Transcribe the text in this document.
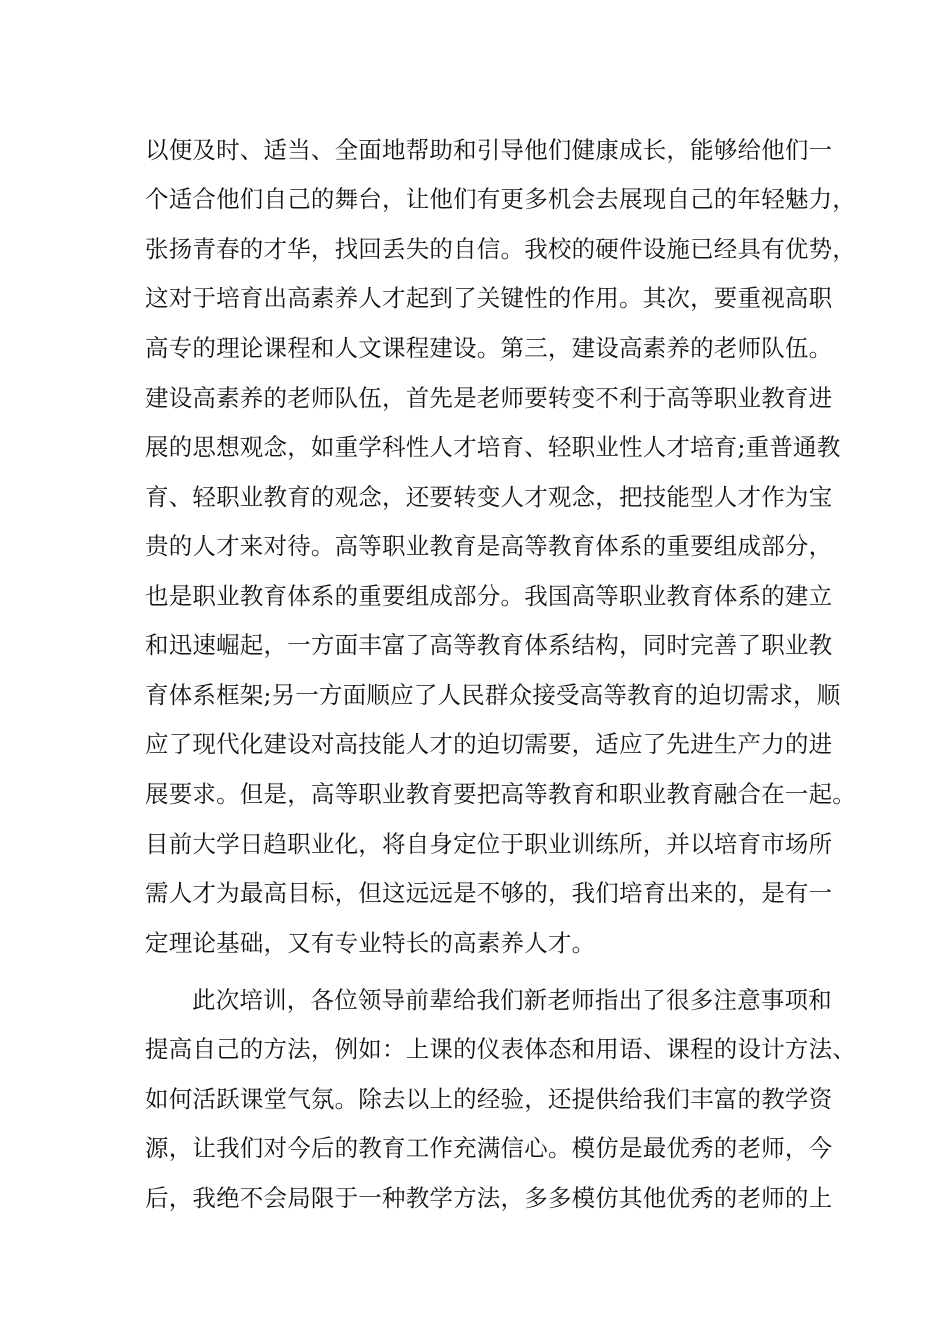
以便及时、适当、全面地帮助和引导他们健康成长，能够给他们一
个适合他们自己的舞台，让他们有更多机会去展现自己的年轻魅力，
张扬青春的才华，找回丢失的自信。我校的硬件设施已经具有优势，
这对于培育出高素养人才起到了关键性的作用。其次，要重视高职
高专的理论课程和人文课程建设。第三，建设高素养的老师队伍。
建设高素养的老师队伍，首先是老师要转变不利于高等职业教育进
展的思想观念，如重学科性人才培育、轻职业性人才培育;重普通教
育、轻职业教育的观念，还要转变人才观念，把技能型人才作为宝
贵的人才来对待。高等职业教育是高等教育体系的重要组成部分，
也是职业教育体系的重要组成部分。我国高等职业教育体系的建立
和迅速崛起，一方面丰富了高等教育体系结构，同时完善了职业教
育体系框架;另一方面顺应了人民群众接受高等教育的迫切需求，顺
应了现代化建设对高技能人才的迫切需要，适应了先进生产力的进
展要求。但是，高等职业教育要把高等教育和职业教育融合在一起。
目前大学日趋职业化，将自身定位于职业训练所，并以培育市场所
需人才为最高目标，但这远远是不够的，我们培育出来的，是有一
定理论基础，又有专业特长的高素养人才。
此次培训，各位领导前辈给我们新老师指出了很多注意事项和
提高自己的方法，例如：上课的仪表体态和用语、课程的设计方法、
如何活跃课堂气氛。除去以上的经验，还提供给我们丰富的教学资
源，让我们对今后的教育工作充满信心。模仿是最优秀的老师，今
后，我绝不会局限于一种教学方法，多多模仿其他优秀的老师的上
